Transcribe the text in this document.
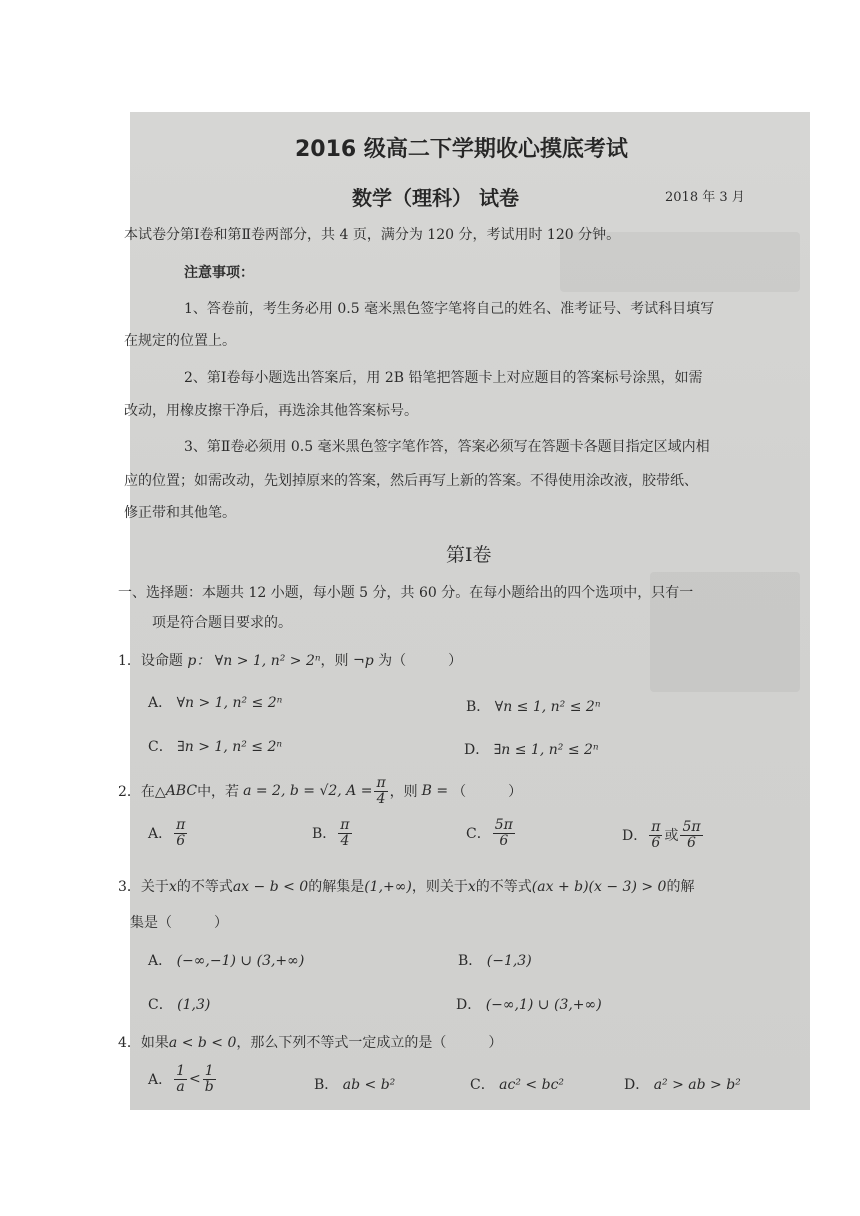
2016 级高二下学期收心摸底考试
数学（理科） 试卷	2018 年 3 月
本试卷分第Ⅰ卷和第Ⅱ卷两部分，共 4 页，满分为 120 分，考试用时 120 分钟。
注意事项：
1、答卷前，考生务必用 0.5 毫米黑色签字笔将自己的姓名、准考证号、考试科目填写
在规定的位置上。
2、第Ⅰ卷每小题选出答案后，用 2B 铅笔把答题卡上对应题目的答案标号涂黑，如需
改动，用橡皮擦干净后，再选涂其他答案标号。
3、第Ⅱ卷必须用 0.5 毫米黑色签字笔作答，答案必须写在答题卡各题目指定区域内相
应的位置；如需改动，先划掉原来的答案，然后再写上新的答案。不得使用涂改液，胶带纸、
修正带和其他笔。
第Ⅰ卷
一、选择题：本题共 12 小题，每小题 5 分，共 60 分。在每小题给出的四个选项中，只有一
项是符合题目要求的。
1．设命题 p： ∀n > 1, n² > 2ⁿ，则 ¬p 为（　　　）
A． ∀n > 1, n² ≤ 2ⁿ	B． ∀n ≤ 1, n² ≤ 2ⁿ
C． ∃n > 1, n² ≤ 2ⁿ	D． ∃n ≤ 1, n² ≤ 2ⁿ
2．在△ ABC 中，若 a = 2, b = √2, $A = \frac{\pi}{4}$ ，则 B = （　　　）
A． $\frac{\pi}{6}$	B． $\frac{\pi}{4}$	C． $\frac{5\pi}{6}$	D． $\frac{\pi}{6}$ 或 $\frac{5\pi}{6}$
3．关于x的不等式ax − b < 0的解集是(1,+∞)，则关于x的不等式(ax + b)(x − 3) > 0的解
集是（　　　）
A． (−∞,−1) ∪ (3,+∞)	B． (−1,3)
C． (1,3)	D． (−∞,1) ∪ (3,+∞)
4．如果a < b < 0，那么下列不等式一定成立的是（　　　）
A． $\frac{1}{a} < \frac{1}{b}$	B． ab < b²	C． ac² < bc²	D． a² > ab > b²
